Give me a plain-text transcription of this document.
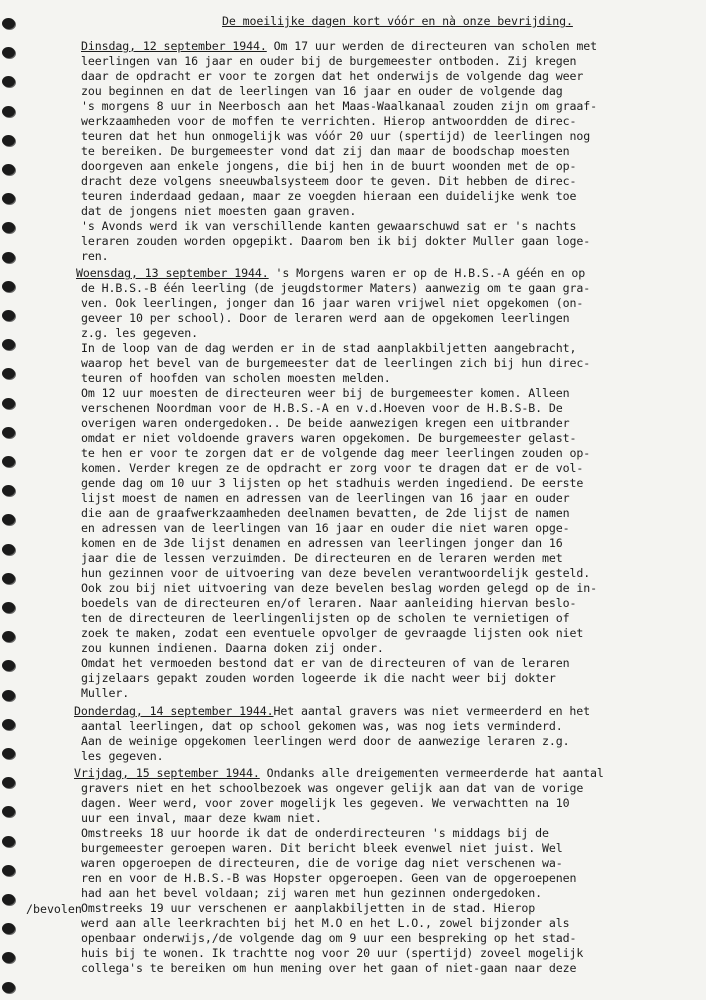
De moeilijke dagen kort vóór en nà onze bevrijding.
Dinsdag, 12 september 1944. Om 17 uur werden de directeuren van scholen met
leerlingen van 16 jaar en ouder bij de burgemeester ontboden. Zij kregen
daar de opdracht er voor te zorgen dat het onderwijs de volgende dag weer
zou beginnen en dat de leerlingen van 16 jaar en ouder de volgende dag
's morgens 8 uur in Neerbosch aan het Maas-Waalkanaal zouden zijn om graaf-
werkzaamheden voor de moffen te verrichten. Hierop antwoordden de direc-
teuren dat het hun onmogelijk was vóór 20 uur (spertijd) de leerlingen nog
te bereiken. De burgemeester vond dat zij dan maar de boodschap moesten
doorgeven aan enkele jongens, die bij hen in de buurt woonden met de op-
dracht deze volgens sneeuwbalsysteem door te geven. Dit hebben de direc-
teuren inderdaad gedaan, maar ze voegden hieraan een duidelijke wenk toe
dat de jongens niet moesten gaan graven.
's Avonds werd ik van verschillende kanten gewaarschuwd sat er 's nachts
leraren zouden worden opgepikt. Daarom ben ik bij dokter Muller gaan loge-
ren.
Woensdag, 13 september 1944. 's Morgens waren er op de H.B.S.-A géén en op
de H.B.S.-B één leerling (de jeugdstormer Maters) aanwezig om te gaan gra-
ven. Ook leerlingen, jonger dan 16 jaar waren vrijwel niet opgekomen (on-
geveer 10 per school). Door de leraren werd aan de opgekomen leerlingen
z.g. les gegeven.
In de loop van de dag werden er in de stad aanplakbiljetten aangebracht,
waarop het bevel van de burgemeester dat de leerlingen zich bij hun direc-
teuren of hoofden van scholen moesten melden.
Om 12 uur moesten de directeuren weer bij de burgemeester komen. Alleen
verschenen Noordman voor de H.B.S.-A en v.d.Hoeven voor de H.B.S-B. De
overigen waren ondergedoken.. De beide aanwezigen kregen een uitbrander
omdat er niet voldoende gravers waren opgekomen. De burgemeester gelast-
te hen er voor te zorgen dat er de volgende dag meer leerlingen zouden op-
komen. Verder kregen ze de opdracht er zorg voor te dragen dat er de vol-
gende dag om 10 uur 3 lijsten op het stadhuis werden ingediend. De eerste
lijst moest de namen en adressen van de leerlingen van 16 jaar en ouder
die aan de graafwerkzaamheden deelnamen bevatten, de 2de lijst de namen
en adressen van de leerlingen van 16 jaar en ouder die niet waren opge-
komen en de 3de lijst denamen en adressen van leerlingen jonger dan 16
jaar die de lessen verzuimden. De directeuren en de leraren werden met
hun gezinnen voor de uitvoering van deze bevelen verantwoordelijk gesteld.
Ook zou bij niet uitvoering van deze bevelen beslag worden gelegd op de in-
boedels van de directeuren en/of leraren. Naar aanleiding hiervan beslo-
ten de directeuren de leerlingenlijsten op de scholen te vernietigen of
zoek te maken, zodat een eventuele opvolger de gevraagde lijsten ook niet
zou kunnen indienen. Daarna doken zij onder.
Omdat het vermoeden bestond dat er van de directeuren of van de leraren
gijzelaars gepakt zouden worden logeerde ik die nacht weer bij dokter
Muller.
Donderdag, 14 september 1944.Het aantal gravers was niet vermeerderd en het
aantal leerlingen, dat op school gekomen was, was nog iets verminderd.
Aan de weinige opgekomen leerlingen werd door de aanwezige leraren z.g.
les gegeven.
Vrijdag, 15 september 1944. Ondanks alle dreigementen vermeerderde hat aantal
gravers niet en het schoolbezoek was ongever gelijk aan dat van de vorige
dagen. Weer werd, voor zover mogelijk les gegeven. We verwachtten na 10
uur een inval, maar deze kwam niet.
Omstreeks 18 uur hoorde ik dat de onderdirecteuren 's middags bij de
burgemeester geroepen waren. Dit bericht bleek evenwel niet juist. Wel
waren opgeroepen de directeuren, die de vorige dag niet verschenen wa-
ren en voor de H.B.S.-B was Hopster opgeroepen. Geen van de opgeroepenen
had aan het bevel voldaan; zij waren met hun gezinnen ondergedoken.
Omstreeks 19 uur verschenen er aanplakbiljetten in de stad. Hierop
werd aan alle leerkrachten bij het M.O en het L.O., zowel bijzonder als
openbaar onderwijs,/de volgende dag om 9 uur een bespreking op het stad-
huis bij te wonen. Ik trachtte nog voor 20 uur (spertijd) zoveel mogelijk
collega's te bereiken om hun mening over het gaan of niet-gaan naar deze
/bevolen
